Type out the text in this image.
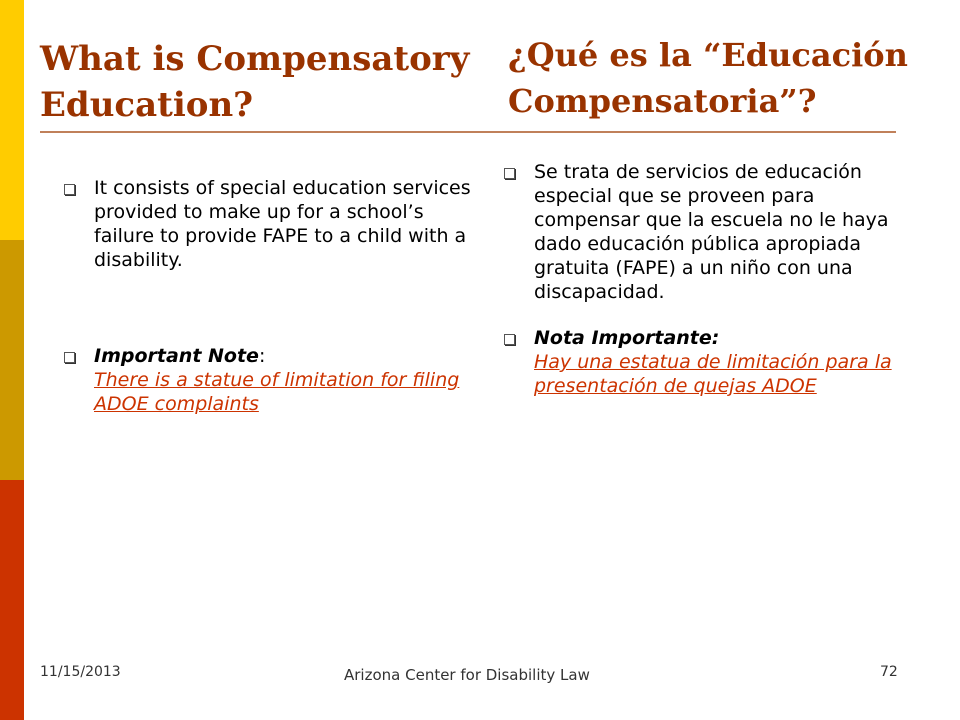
What is Compensatory Education?
¿Qué es la “Educación Compensatoria”?
It consists of special education services provided to make up for a school’s failure to provide FAPE to a child with a disability.
Important Note:
There is a statue of limitation for filing ADOE complaints
Se trata de servicios de educación especial que se proveen para compensar que la escuela no le haya dado educación pública apropiada gratuita (FAPE) a un niño con una discapacidad.
Nota Importante:
Hay una estatua de limitación para la presentación de quejas ADOE
11/15/2013	Arizona Center for Disability Law	72
